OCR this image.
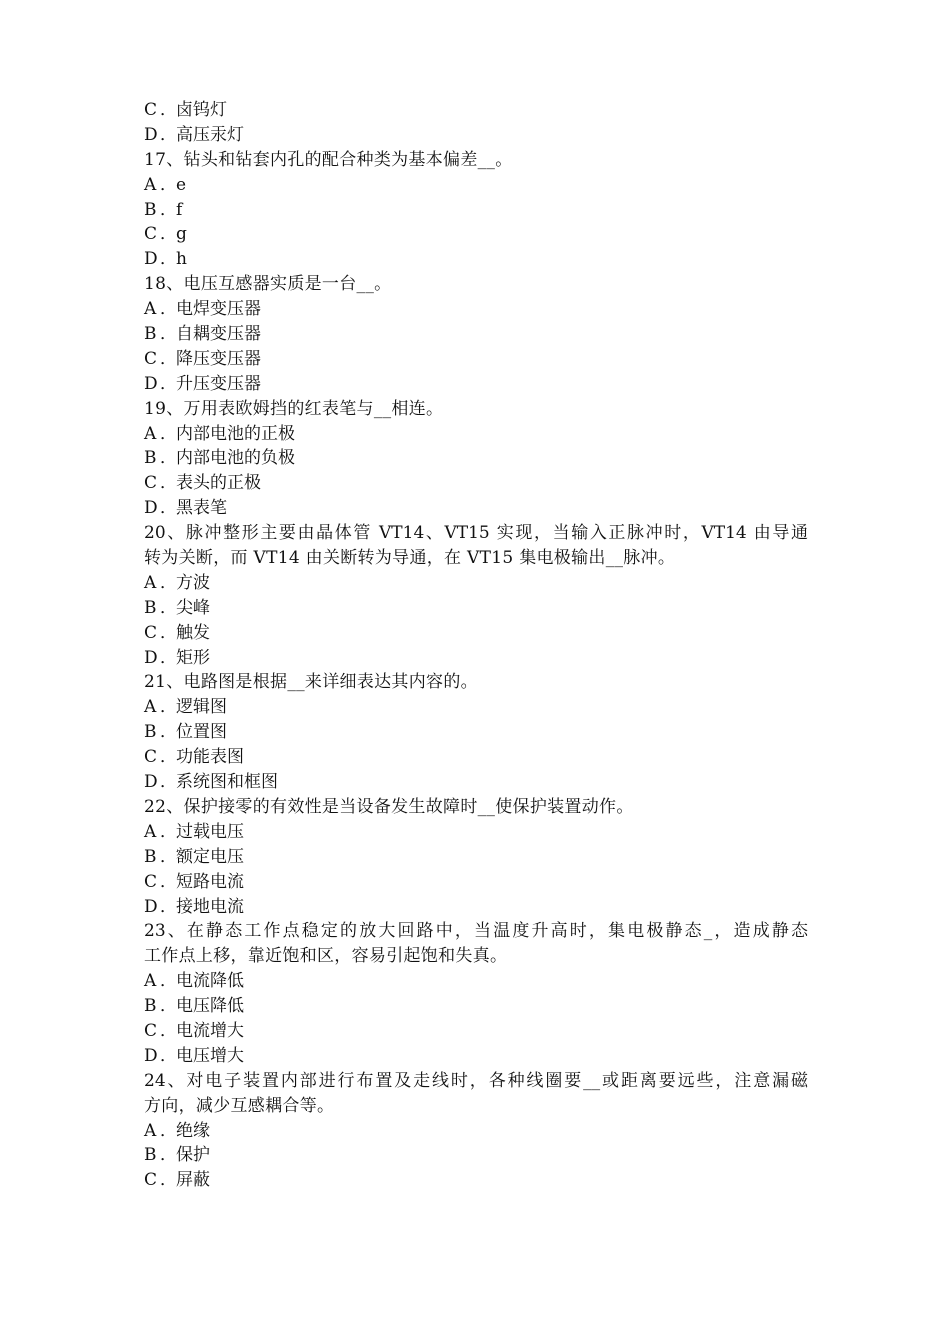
C ．卤钨灯
D ．高压汞灯
17、钻头和钻套内孔的配合种类为基本偏差__。
A ．e
B ．f
C ．g
D ．h
18、电压互感器实质是一台__。
A ．电焊变压器
B ．自耦变压器
C ．降压变压器
D ．升压变压器
19、万用表欧姆挡的红表笔与__相连。
A ．内部电池的正极
B ．内部电池的负极
C ．表头的正极
D ．黑表笔
20、脉冲整形主要由晶体管 VT14、VT15 实现，当输入正脉冲时，VT14 由导通
转为关断，而 VT14 由关断转为导通，在 VT15 集电极输出__脉冲。
A ．方波
B ．尖峰
C ．触发
D ．矩形
21、电路图是根据__来详细表达其内容的。
A ．逻辑图
B ．位置图
C ．功能表图
D ．系统图和框图
22、保护接零的有效性是当设备发生故障时__使保护装置动作。
A ．过载电压
B ．额定电压
C ．短路电流
D ．接地电流
23、在静态工作点稳定的放大回路中，当温度升高时，集电极静态_，造成静态
工作点上移，靠近饱和区，容易引起饱和失真。
A ．电流降低
B ．电压降低
C ．电流增大
D ．电压增大
24、对电子装置内部进行布置及走线时，各种线圈要__或距离要远些，注意漏磁
方向，减少互感耦合等。
A ．绝缘
B ．保护
C ．屏蔽
